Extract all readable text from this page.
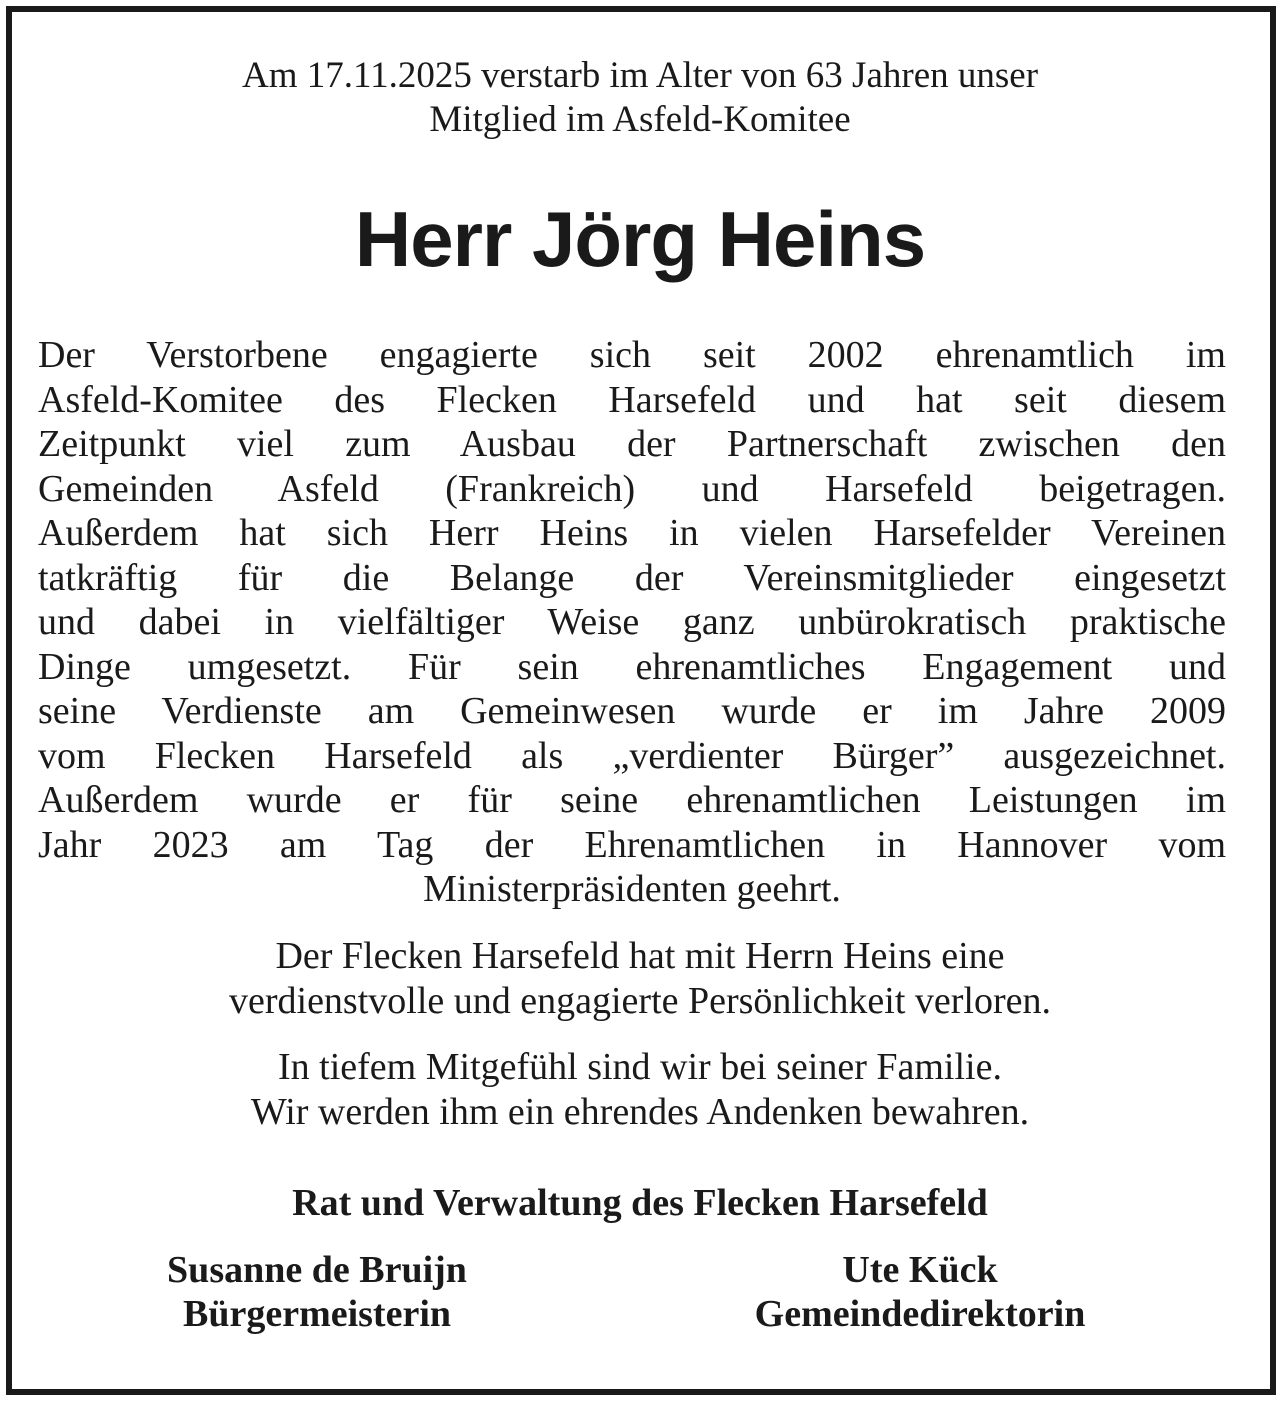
Am 17.11.2025 verstarb im Alter von 63 Jahren unser
Mitglied im Asfeld-Komitee
Herr Jörg Heins
Der Verstorbene engagierte sich seit 2002 ehrenamtlich im
Asfeld-Komitee des Flecken Harsefeld und hat seit diesem
Zeitpunkt viel zum Ausbau der Partnerschaft zwischen den
Gemeinden Asfeld (Frankreich) und Harsefeld beigetragen.
Außerdem hat sich Herr Heins in vielen Harsefelder Vereinen
tatkräftig für die Belange der Vereinsmitglieder eingesetzt
und dabei in vielfältiger Weise ganz unbürokratisch praktische
Dinge umgesetzt. Für sein ehrenamtliches Engagement und
seine Verdienste am Gemeinwesen wurde er im Jahre 2009
vom Flecken Harsefeld als „verdienter Bürger” ausgezeichnet.
Außerdem wurde er für seine ehrenamtlichen Leistungen im
Jahr 2023 am Tag der Ehrenamtlichen in Hannover vom
Ministerpräsidenten geehrt.
Der Flecken Harsefeld hat mit Herrn Heins eine
verdienstvolle und engagierte Persönlichkeit verloren.
In tiefem Mitgefühl sind wir bei seiner Familie.
Wir werden ihm ein ehrendes Andenken bewahren.
Rat und Verwaltung des Flecken Harsefeld
Susanne de Bruijn
Bürgermeisterin
Ute Kück
Gemeindedirektorin
